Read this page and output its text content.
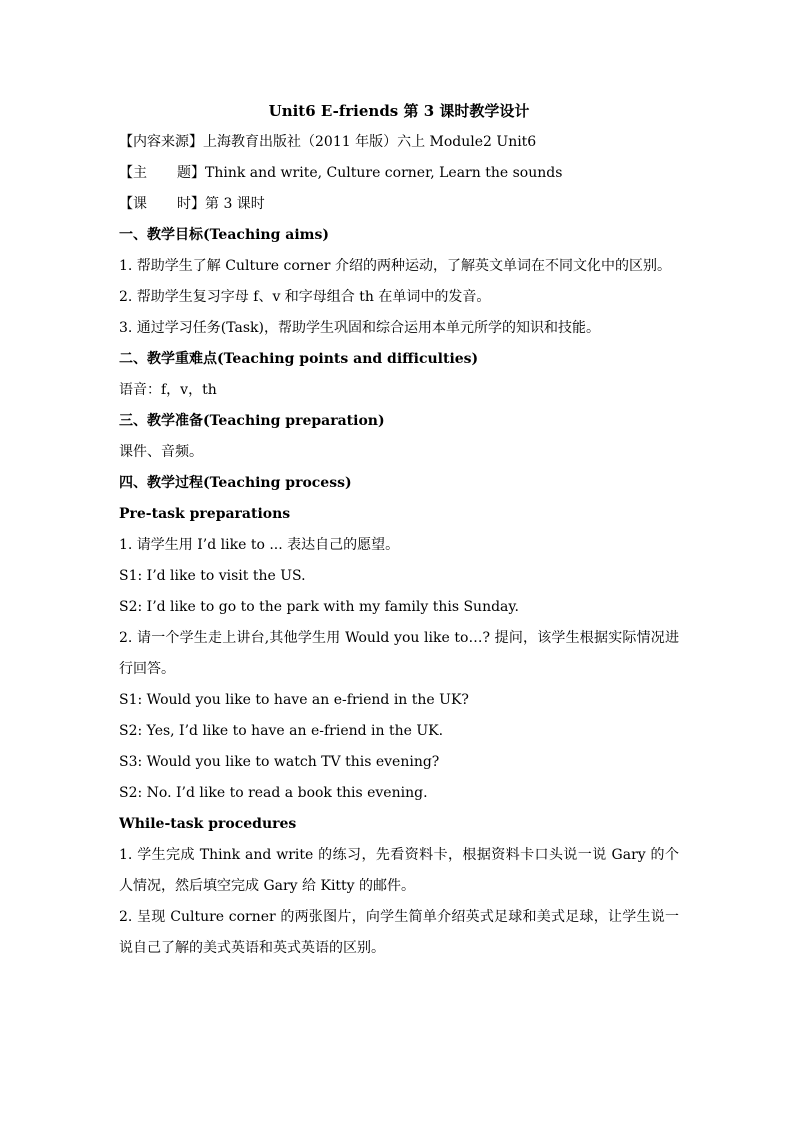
Unit6 E-friends 第 3 课时教学设计
【内容来源】上海教育出版社（2011 年版）六上 Module2 Unit6
【主 题】Think and write, Culture corner, Learn the sounds
【课 时】第 3 课时
一、教学目标(Teaching aims)
1. 帮助学生了解 Culture corner 介绍的两种运动，了解英文单词在不同文化中的区别。
2. 帮助学生复习字母 f、v 和字母组合 th 在单词中的发音。
3. 通过学习任务(Task)，帮助学生巩固和综合运用本单元所学的知识和技能。
二、教学重难点(Teaching points and difficulties)
语音：f，v，th
三、教学准备(Teaching preparation)
课件、音频。
四、教学过程(Teaching process)
Pre-task preparations
1. 请学生用 I’d like to ... 表达自己的愿望。
S1: I’d like to visit the US.
S2: I’d like to go to the park with my family this Sunday.
2. 请一个学生走上讲台,其他学生用 Would you like to…? 提问，该学生根据实际情况进行回答。
S1: Would you like to have an e-friend in the UK?
S2: Yes, I’d like to have an e-friend in the UK.
S3: Would you like to watch TV this evening?
S2: No. I’d like to read a book this evening.
While-task procedures
1. 学生完成 Think and write 的练习，先看资料卡，根据资料卡口头说一说 Gary 的个人情况，然后填空完成 Gary 给 Kitty 的邮件。
2. 呈现 Culture corner 的两张图片，向学生简单介绍英式足球和美式足球，让学生说一说自己了解的美式英语和英式英语的区别。
